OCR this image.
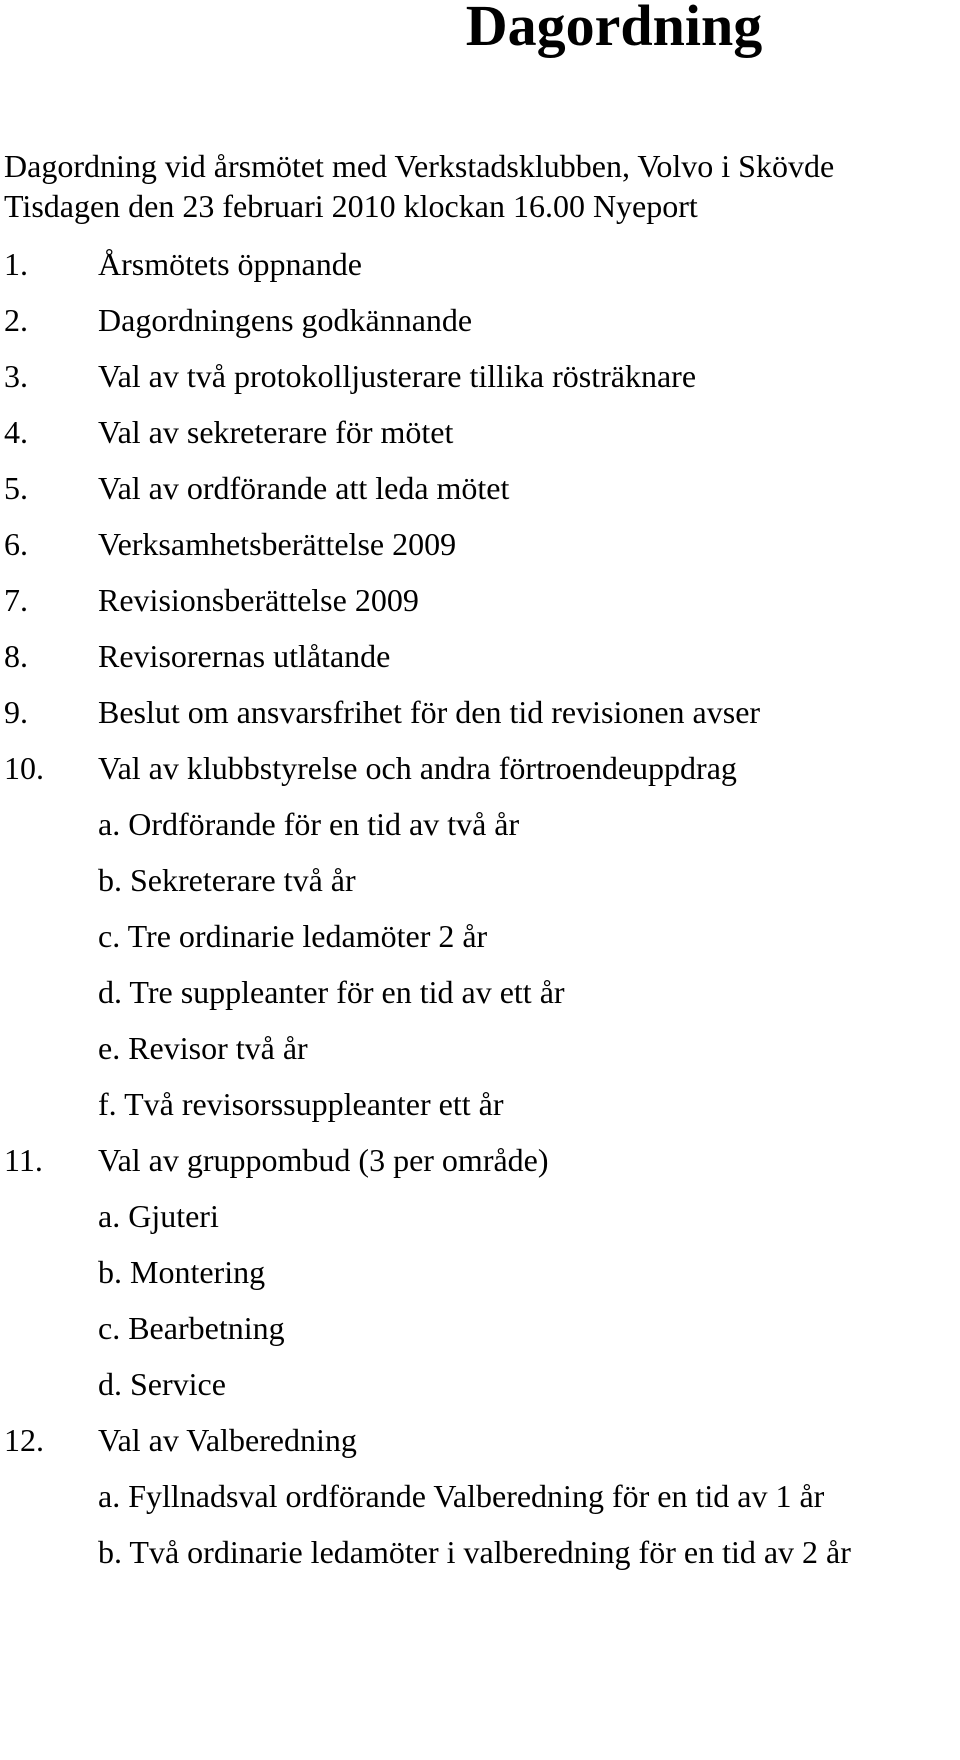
Dagordning
Dagordning vid årsmötet med Verkstadsklubben, Volvo i Skövde
Tisdagen den 23 februari 2010 klockan 16.00 Nyeport
1. Årsmötets öppnande
2. Dagordningens godkännande
3. Val av två protokolljusterare tillika rösträknare
4. Val av sekreterare för mötet
5. Val av ordförande att leda mötet
6. Verksamhetsberättelse 2009
7. Revisionsberättelse 2009
8. Revisorernas utlåtande
9. Beslut om ansvarsfrihet för den tid revisionen avser
10. Val av klubbstyrelse och andra förtroendeuppdrag
a. Ordförande för en tid av två år
b. Sekreterare två år
c. Tre ordinarie ledamöter 2 år
d. Tre suppleanter för en tid av ett år
e. Revisor två år
f. Två revisorssuppleanter ett år
11. Val av gruppombud (3 per område)
a. Gjuteri
b. Montering
c. Bearbetning
d. Service
12. Val av Valberedning
a. Fyllnadsval ordförande Valberedning för en tid av 1 år
b. Två ordinarie ledamöter i valberedning för en tid av 2 år
